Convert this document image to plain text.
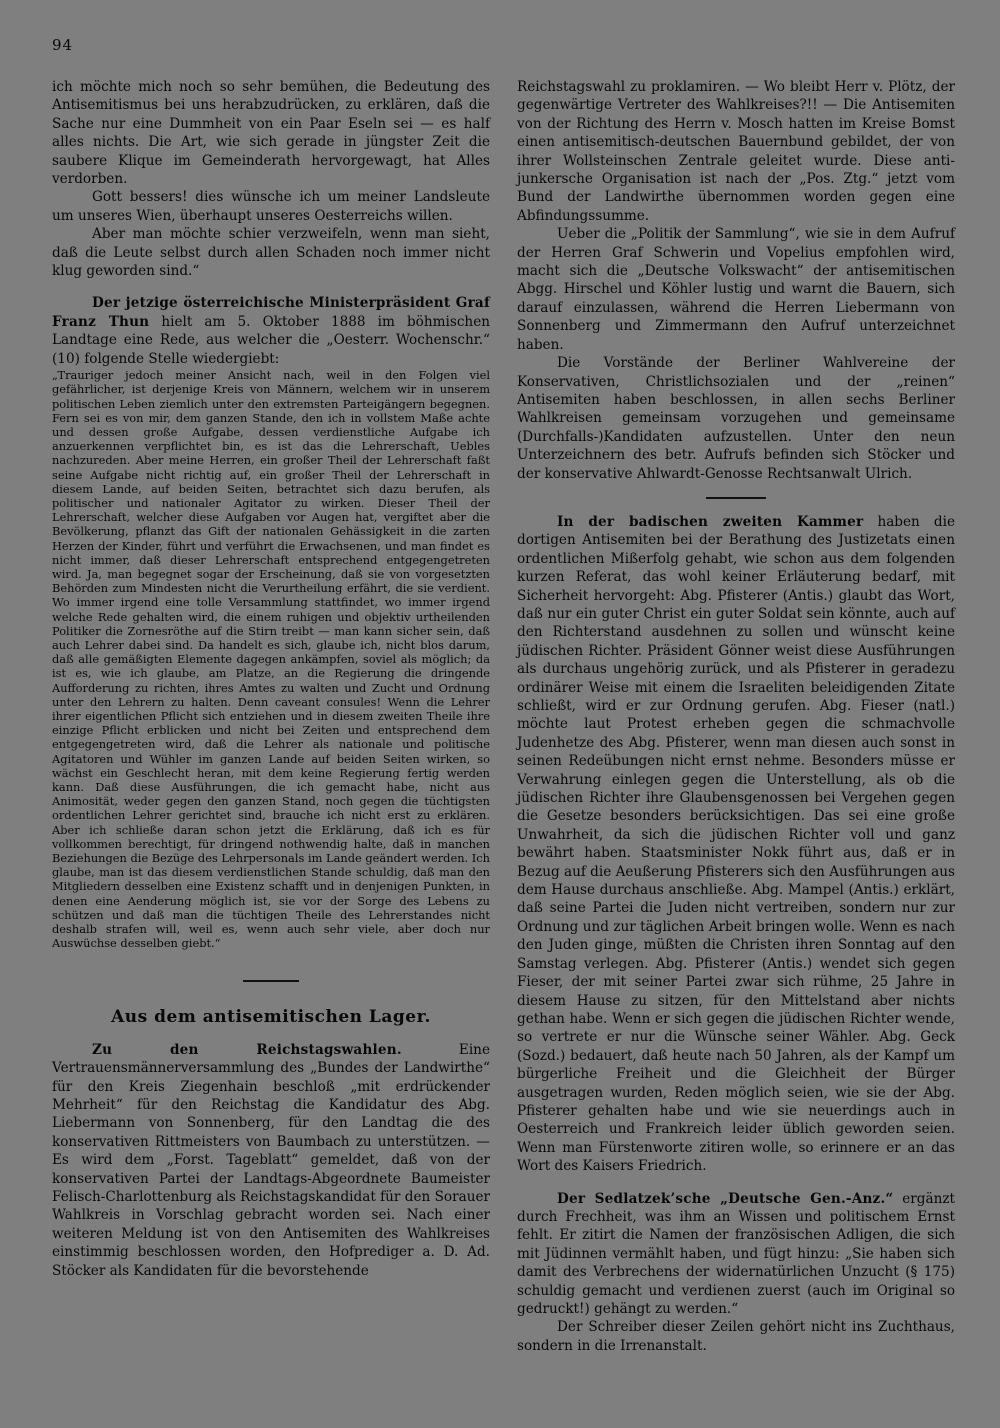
94

ich möchte mich noch so sehr bemühen, die Bedeutung des Antisemitismus bei uns herabzudrücken, zu erklären, daß die Sache nur eine Dummheit von ein Paar Eseln sei — es half alles nichts. Die Art, wie sich gerade in jüngster Zeit die saubere Klique im Gemeinderath hervorgewagt, hat Alles verdorben.

Gott bessers! dies wünsche ich um meiner Landsleute um unseres Wien, überhaupt unseres Oesterreichs willen.

Aber man möchte schier verzweifeln, wenn man sieht, daß die Leute selbst durch allen Schaden noch immer nicht klug geworden sind.“

Der jetzige österreichische Ministerpräsident Graf Franz Thun hielt am 5. Oktober 1888 im böhmischen Landtage eine Rede, aus welcher die „Oesterr. Wochenschr.“ (10) folgende Stelle wiedergiebt:

„Trauriger jedoch meiner Ansicht nach, weil in den Folgen viel gefährlicher, ist derjenige Kreis von Männern, welchem wir in unserem politischen Leben ziemlich unter den extremsten Parteigängern begegnen. Fern sei es von mir, dem ganzen Stande, den ich in vollstem Maße achte und dessen große Aufgabe, dessen verdienstliche Aufgabe ich anzuerkennen verpflichtet bin, es ist das die Lehrerschaft, Uebles nachzureden. Aber meine Herren, ein großer Theil der Lehrerschaft faßt seine Aufgabe nicht richtig auf, ein großer Theil der Lehrerschaft in diesem Lande, auf beiden Seiten, betrachtet sich dazu berufen, als politischer und nationaler Agitator zu wirken. Dieser Theil der Lehrerschaft, welcher diese Aufgaben vor Augen hat, vergiftet aber die Bevölkerung, pflanzt das Gift der nationalen Gehässigkeit in die zarten Herzen der Kinder, führt und verführt die Erwachsenen, und man findet es nicht immer, daß dieser Lehrerschaft entsprechend entgegengetreten wird. Ja, man begegnet sogar der Erscheinung, daß sie von vorgesetzten Behörden zum Mindesten nicht die Verurtheilung erfährt, die sie verdient. Wo immer irgend eine tolle Versammlung stattfindet, wo immer irgend welche Rede gehalten wird, die einem ruhigen und objektiv urtheilenden Politiker die Zornesröthe auf die Stirn treibt — man kann sicher sein, daß auch Lehrer dabei sind. Da handelt es sich, glaube ich, nicht blos darum, daß alle gemäßigten Elemente dagegen ankämpfen, soviel als möglich; da ist es, wie ich glaube, am Platze, an die Regierung die dringende Aufforderung zu richten, ihres Amtes zu walten und Zucht und Ordnung unter den Lehrern zu halten. Denn caveant consules! Wenn die Lehrer ihrer eigentlichen Pflicht sich entziehen und in diesem zweiten Theile ihre einzige Pflicht erblicken und nicht bei Zeiten und entsprechend dem entgegengetreten wird, daß die Lehrer als nationale und politische Agitatoren und Wühler im ganzen Lande auf beiden Seiten wirken, so wächst ein Geschlecht heran, mit dem keine Regierung fertig werden kann. Daß diese Ausführungen, die ich gemacht habe, nicht aus Animosität, weder gegen den ganzen Stand, noch gegen die tüchtigsten ordentlichen Lehrer gerichtet sind, brauche ich nicht erst zu erklären. Aber ich schließe daran schon jetzt die Erklärung, daß ich es für vollkommen berechtigt, für dringend nothwendig halte, daß in manchen Beziehungen die Bezüge des Lehrpersonals im Lande geändert werden. Ich glaube, man ist das diesem verdienstlichen Stande schuldig, daß man den Mitgliedern desselben eine Existenz schafft und in denjenigen Punkten, in denen eine Aenderung möglich ist, sie vor der Sorge des Lebens zu schützen und daß man die tüchtigen Theile des Lehrerstandes nicht deshalb strafen will, weil es, wenn auch sehr viele, aber doch nur Auswüchse desselben giebt.“

Aus dem antisemitischen Lager.

Zu den Reichstagswahlen. Eine Vertrauensmännerversammlung des „Bundes der Landwirthe“ für den Kreis Ziegenhain beschloß „mit erdrückender Mehrheit“ für den Reichstag die Kandidatur des Abg. Liebermann von Sonnenberg, für den Landtag die des konservativen Rittmeisters von Baumbach zu unterstützen. — Es wird dem „Forst. Tageblatt“ gemeldet, daß von der konservativen Partei der Landtags-Abgeordnete Baumeister Felisch-Charlottenburg als Reichstagskandidat für den Sorauer Wahlkreis in Vorschlag gebracht worden sei. Nach einer weiteren Meldung ist von den Antisemiten des Wahlkreises einstimmig beschlossen worden, den Hofprediger a. D. Ad. Stöcker als Kandidaten für die bevorstehende

Reichstagswahl zu proklamiren. — Wo bleibt Herr v. Plötz, der gegenwärtige Vertreter des Wahlkreises?!! — Die Antisemiten von der Richtung des Herrn v. Mosch hatten im Kreise Bomst einen antisemitisch-deutschen Bauernbund gebildet, der von ihrer Wollsteinschen Zentrale geleitet wurde. Diese anti-junkersche Organisation ist nach der „Pos. Ztg.“ jetzt vom Bund der Landwirthe übernommen worden gegen eine Abfindungssumme.

Ueber die „Politik der Sammlung“, wie sie in dem Aufruf der Herren Graf Schwerin und Vopelius empfohlen wird, macht sich die „Deutsche Volkswacht“ der antisemitischen Abgg. Hirschel und Köhler lustig und warnt die Bauern, sich darauf einzulassen, während die Herren Liebermann von Sonnenberg und Zimmermann den Aufruf unterzeichnet haben.

Die Vorstände der Berliner Wahlvereine der Konservativen, Christlichsozialen und der „reinen“ Antisemiten haben beschlossen, in allen sechs Berliner Wahlkreisen gemeinsam vorzugehen und gemeinsame (Durchfalls-)Kandidaten aufzustellen. Unter den neun Unterzeichnern des betr. Aufrufs befinden sich Stöcker und der konservative Ahlwardt-Genosse Rechtsanwalt Ulrich.

In der badischen zweiten Kammer haben die dortigen Antisemiten bei der Berathung des Justizetats einen ordentlichen Mißerfolg gehabt, wie schon aus dem folgenden kurzen Referat, das wohl keiner Erläuterung bedarf, mit Sicherheit hervorgeht: Abg. Pfisterer (Antis.) glaubt das Wort, daß nur ein guter Christ ein guter Soldat sein könnte, auch auf den Richterstand ausdehnen zu sollen und wünscht keine jüdischen Richter. Präsident Gönner weist diese Ausführungen als durchaus ungehörig zurück, und als Pfisterer in geradezu ordinärer Weise mit einem die Israeliten beleidigenden Zitate schließt, wird er zur Ordnung gerufen. Abg. Fieser (natl.) möchte laut Protest erheben gegen die schmachvolle Judenhetze des Abg. Pfisterer, wenn man diesen auch sonst in seinen Redeübungen nicht ernst nehme. Besonders müsse er Verwahrung einlegen gegen die Unterstellung, als ob die jüdischen Richter ihre Glaubensgenossen bei Vergehen gegen die Gesetze besonders berücksichtigen. Das sei eine große Unwahrheit, da sich die jüdischen Richter voll und ganz bewährt haben. Staatsminister Nokk führt aus, daß er in Bezug auf die Aeußerung Pfisterers sich den Ausführungen aus dem Hause durchaus anschließe. Abg. Mampel (Antis.) erklärt, daß seine Partei die Juden nicht vertreiben, sondern nur zur Ordnung und zur täglichen Arbeit bringen wolle. Wenn es nach den Juden ginge, müßten die Christen ihren Sonntag auf den Samstag verlegen. Abg. Pfisterer (Antis.) wendet sich gegen Fieser, der mit seiner Partei zwar sich rühme, 25 Jahre in diesem Hause zu sitzen, für den Mittelstand aber nichts gethan habe. Wenn er sich gegen die jüdischen Richter wende, so vertrete er nur die Wünsche seiner Wähler. Abg. Geck (Sozd.) bedauert, daß heute nach 50 Jahren, als der Kampf um bürgerliche Freiheit und die Gleichheit der Bürger ausgetragen wurden, Reden möglich seien, wie sie der Abg. Pfisterer gehalten habe und wie sie neuerdings auch in Oesterreich und Frankreich leider üblich geworden seien. Wenn man Fürstenworte zitiren wolle, so erinnere er an das Wort des Kaisers Friedrich.

Der Sedlatzek’sche „Deutsche Gen.-Anz.“ ergänzt durch Frechheit, was ihm an Wissen und politischem Ernst fehlt. Er zitirt die Namen der französischen Adligen, die sich mit Jüdinnen vermählt haben, und fügt hinzu: „Sie haben sich damit des Verbrechens der widernatürlichen Unzucht (§ 175) schuldig gemacht und verdienen zuerst (auch im Original so gedruckt!) gehängt zu werden.“

Der Schreiber dieser Zeilen gehört nicht ins Zuchthaus, sondern in die Irrenanstalt.
